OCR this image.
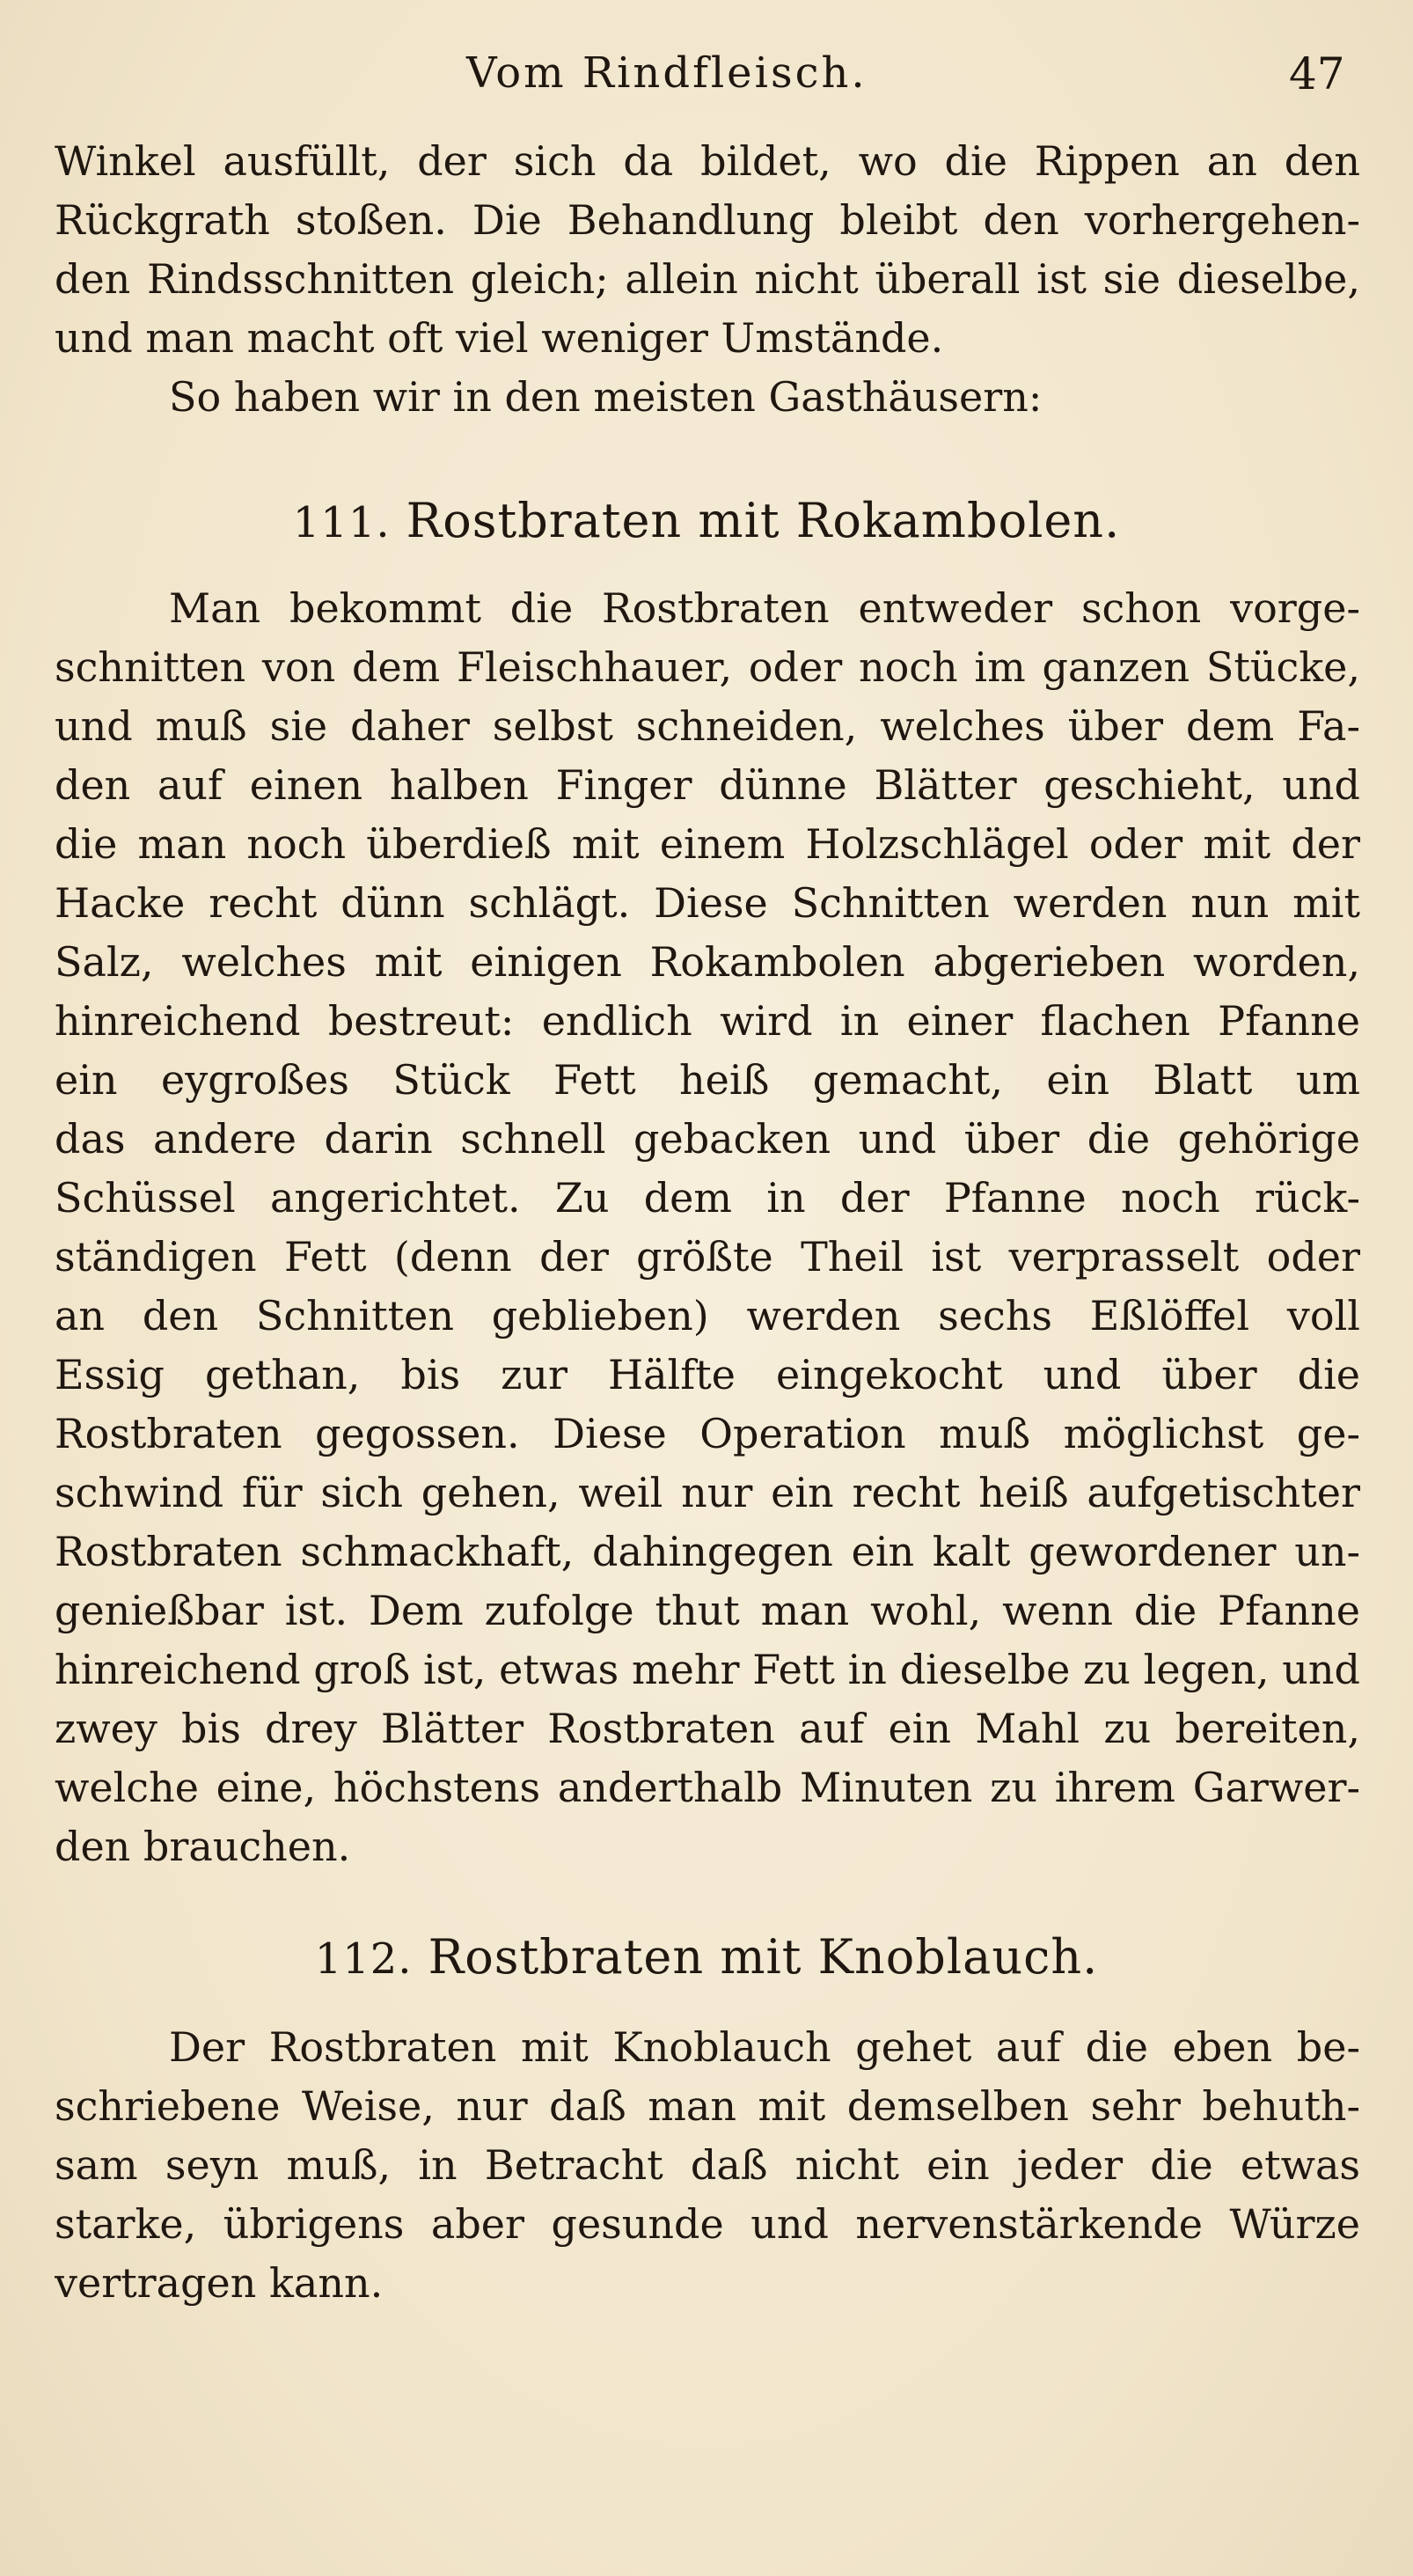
Vom Rindfleisch.	47
Winkel ausfüllt, der sich da bildet, wo die Rippen an den
Rückgrath stoßen. Die Behandlung bleibt den vorhergehen-
den Rindsschnitten gleich; allein nicht überall ist sie dieselbe,
und man macht oft viel weniger Umstände.
So haben wir in den meisten Gasthäusern:
111. Rostbraten mit Rokambolen.
Man bekommt die Rostbraten entweder schon vorge-
schnitten von dem Fleischhauer, oder noch im ganzen Stücke,
und muß sie daher selbst schneiden, welches über dem Fa-
den auf einen halben Finger dünne Blätter geschieht, und
die man noch überdieß mit einem Holzschlägel oder mit der
Hacke recht dünn schlägt. Diese Schnitten werden nun mit
Salz, welches mit einigen Rokambolen abgerieben worden,
hinreichend bestreut: endlich wird in einer flachen Pfanne
ein eygroßes Stück Fett heiß gemacht, ein Blatt um
das andere darin schnell gebacken und über die gehörige
Schüssel angerichtet. Zu dem in der Pfanne noch rück-
ständigen Fett (denn der größte Theil ist verprasselt oder
an den Schnitten geblieben) werden sechs Eßlöffel voll
Essig gethan, bis zur Hälfte eingekocht und über die
Rostbraten gegossen. Diese Operation muß möglichst ge-
schwind für sich gehen, weil nur ein recht heiß aufgetischter
Rostbraten schmackhaft, dahingegen ein kalt gewordener un-
genießbar ist. Dem zufolge thut man wohl, wenn die Pfanne
hinreichend groß ist, etwas mehr Fett in dieselbe zu legen, und
zwey bis drey Blätter Rostbraten auf ein Mahl zu bereiten,
welche eine, höchstens anderthalb Minuten zu ihrem Garwer-
den brauchen.
112. Rostbraten mit Knoblauch.
Der Rostbraten mit Knoblauch gehet auf die eben be-
schriebene Weise, nur daß man mit demselben sehr behuth-
sam seyn muß, in Betracht daß nicht ein jeder die etwas
starke, übrigens aber gesunde und nervenstärkende Würze
vertragen kann.
